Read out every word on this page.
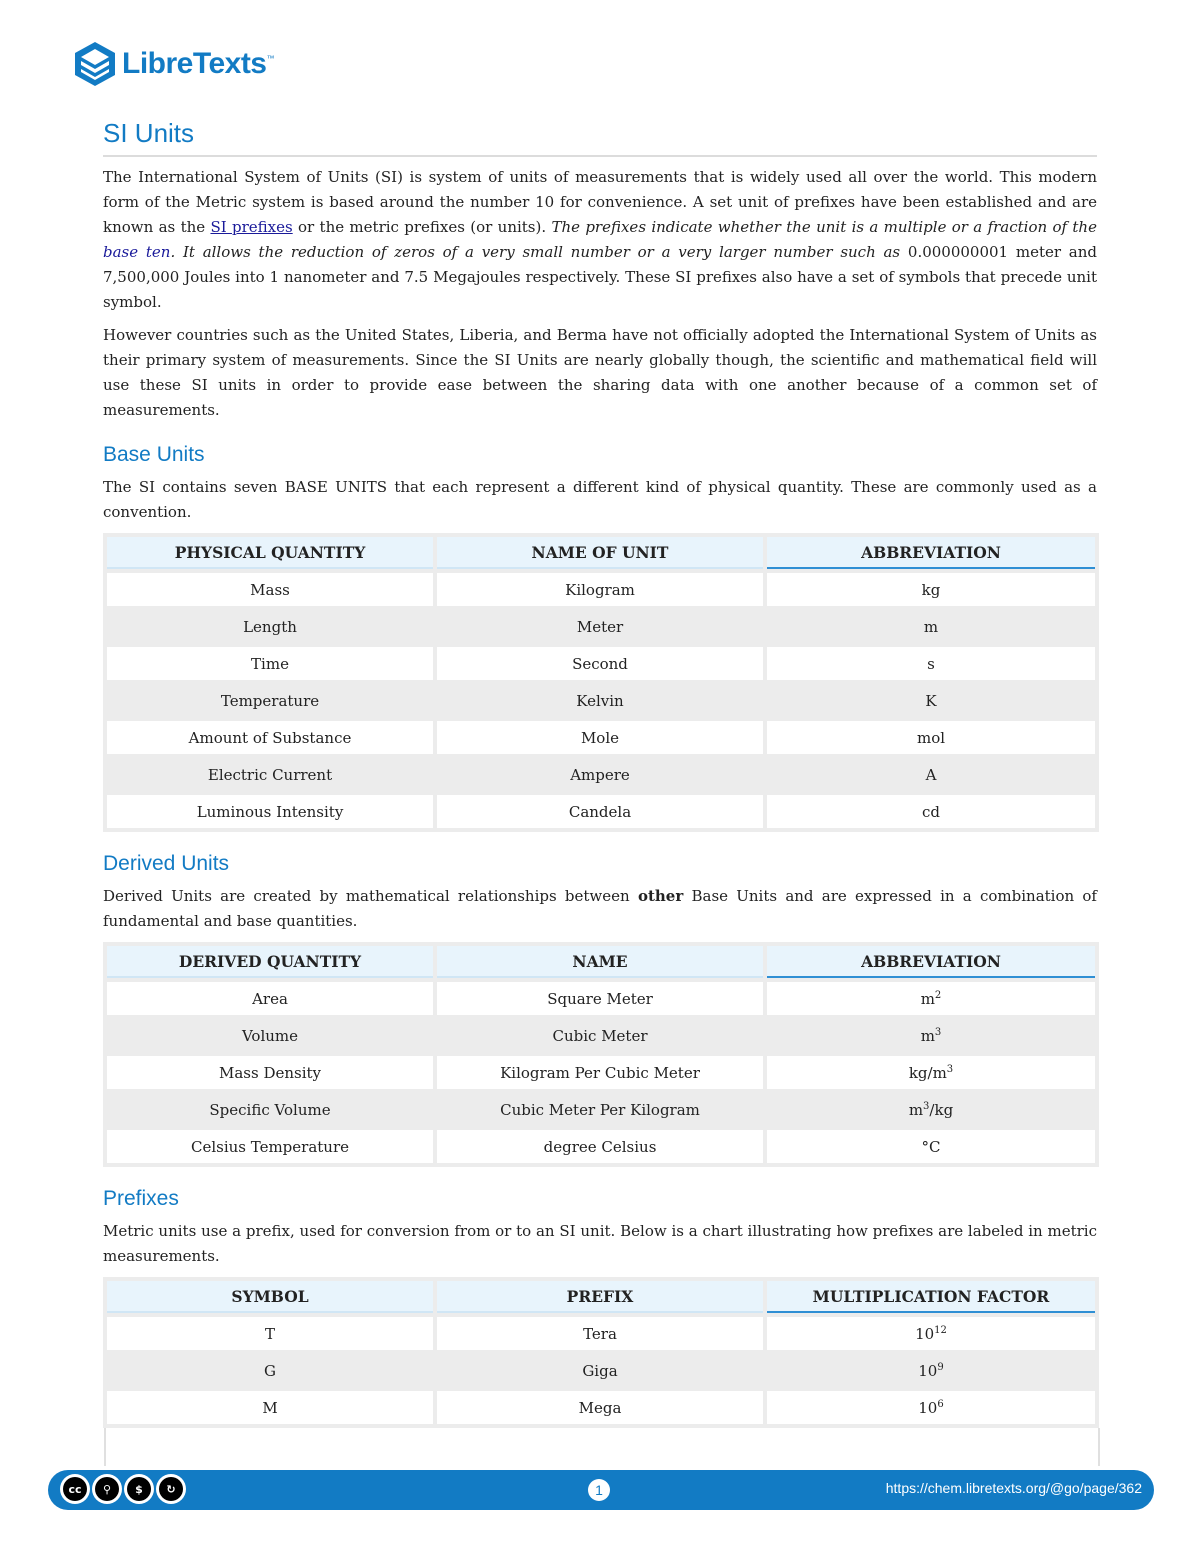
LibreTexts ™
SI Units

The International System of Units (SI) is system of units of measurements that is widely used all over the world. This modern form of the Metric system is based around the number 10 for convenience. A set unit of prefixes have been established and are known as the SI prefixes or the metric prefixes (or units). The prefixes indicate whether the unit is a multiple or a fraction of the base ten. It allows the reduction of zeros of a very small number or a very larger number such as 0.000000001 meter and 7,500,000 Joules into 1 nanometer and 7.5 Megajoules respectively. These SI prefixes also have a set of symbols that precede unit symbol.

However countries such as the United States, Liberia, and Berma have not officially adopted the International System of Units as their primary system of measurements. Since the SI Units are nearly globally though, the scientific and mathematical field will use these SI units in order to provide ease between the sharing data with one another because of a common set of measurements.

Base Units

The SI contains seven BASE UNITS that each represent a different kind of physical quantity. These are commonly used as a convention.

PHYSICAL QUANTITY	NAME OF UNIT	ABBREVIATION
Mass	Kilogram	kg
Length	Meter	m
Time	Second	s
Temperature	Kelvin	K
Amount of Substance	Mole	mol
Electric Current	Ampere	A
Luminous Intensity	Candela	cd
Derived Units

Derived Units are created by mathematical relationships between other Base Units and are expressed in a combination of fundamental and base quantities.

DERIVED QUANTITY	NAME	ABBREVIATION
Area	Square Meter	$m^2$
Volume	Cubic Meter	$m^3$
Mass Density	Kilogram Per Cubic Meter	$kg/m^3$
Specific Volume	Cubic Meter Per Kilogram	$m^3/kg$
Celsius Temperature	degree Celsius	°C
Prefixes

Metric units use a prefix, used for conversion from or to an SI unit. Below is a chart illustrating how prefixes are labeled in metric measurements.

SYMBOL	PREFIX	MULTIPLICATION FACTOR
T	Tera	$10^{12}$
G	Giga	$10^9$
M	Mega	$10^6$
cc	⚲	$	↻	1	https://chem.libretexts.org/@go/page/362
